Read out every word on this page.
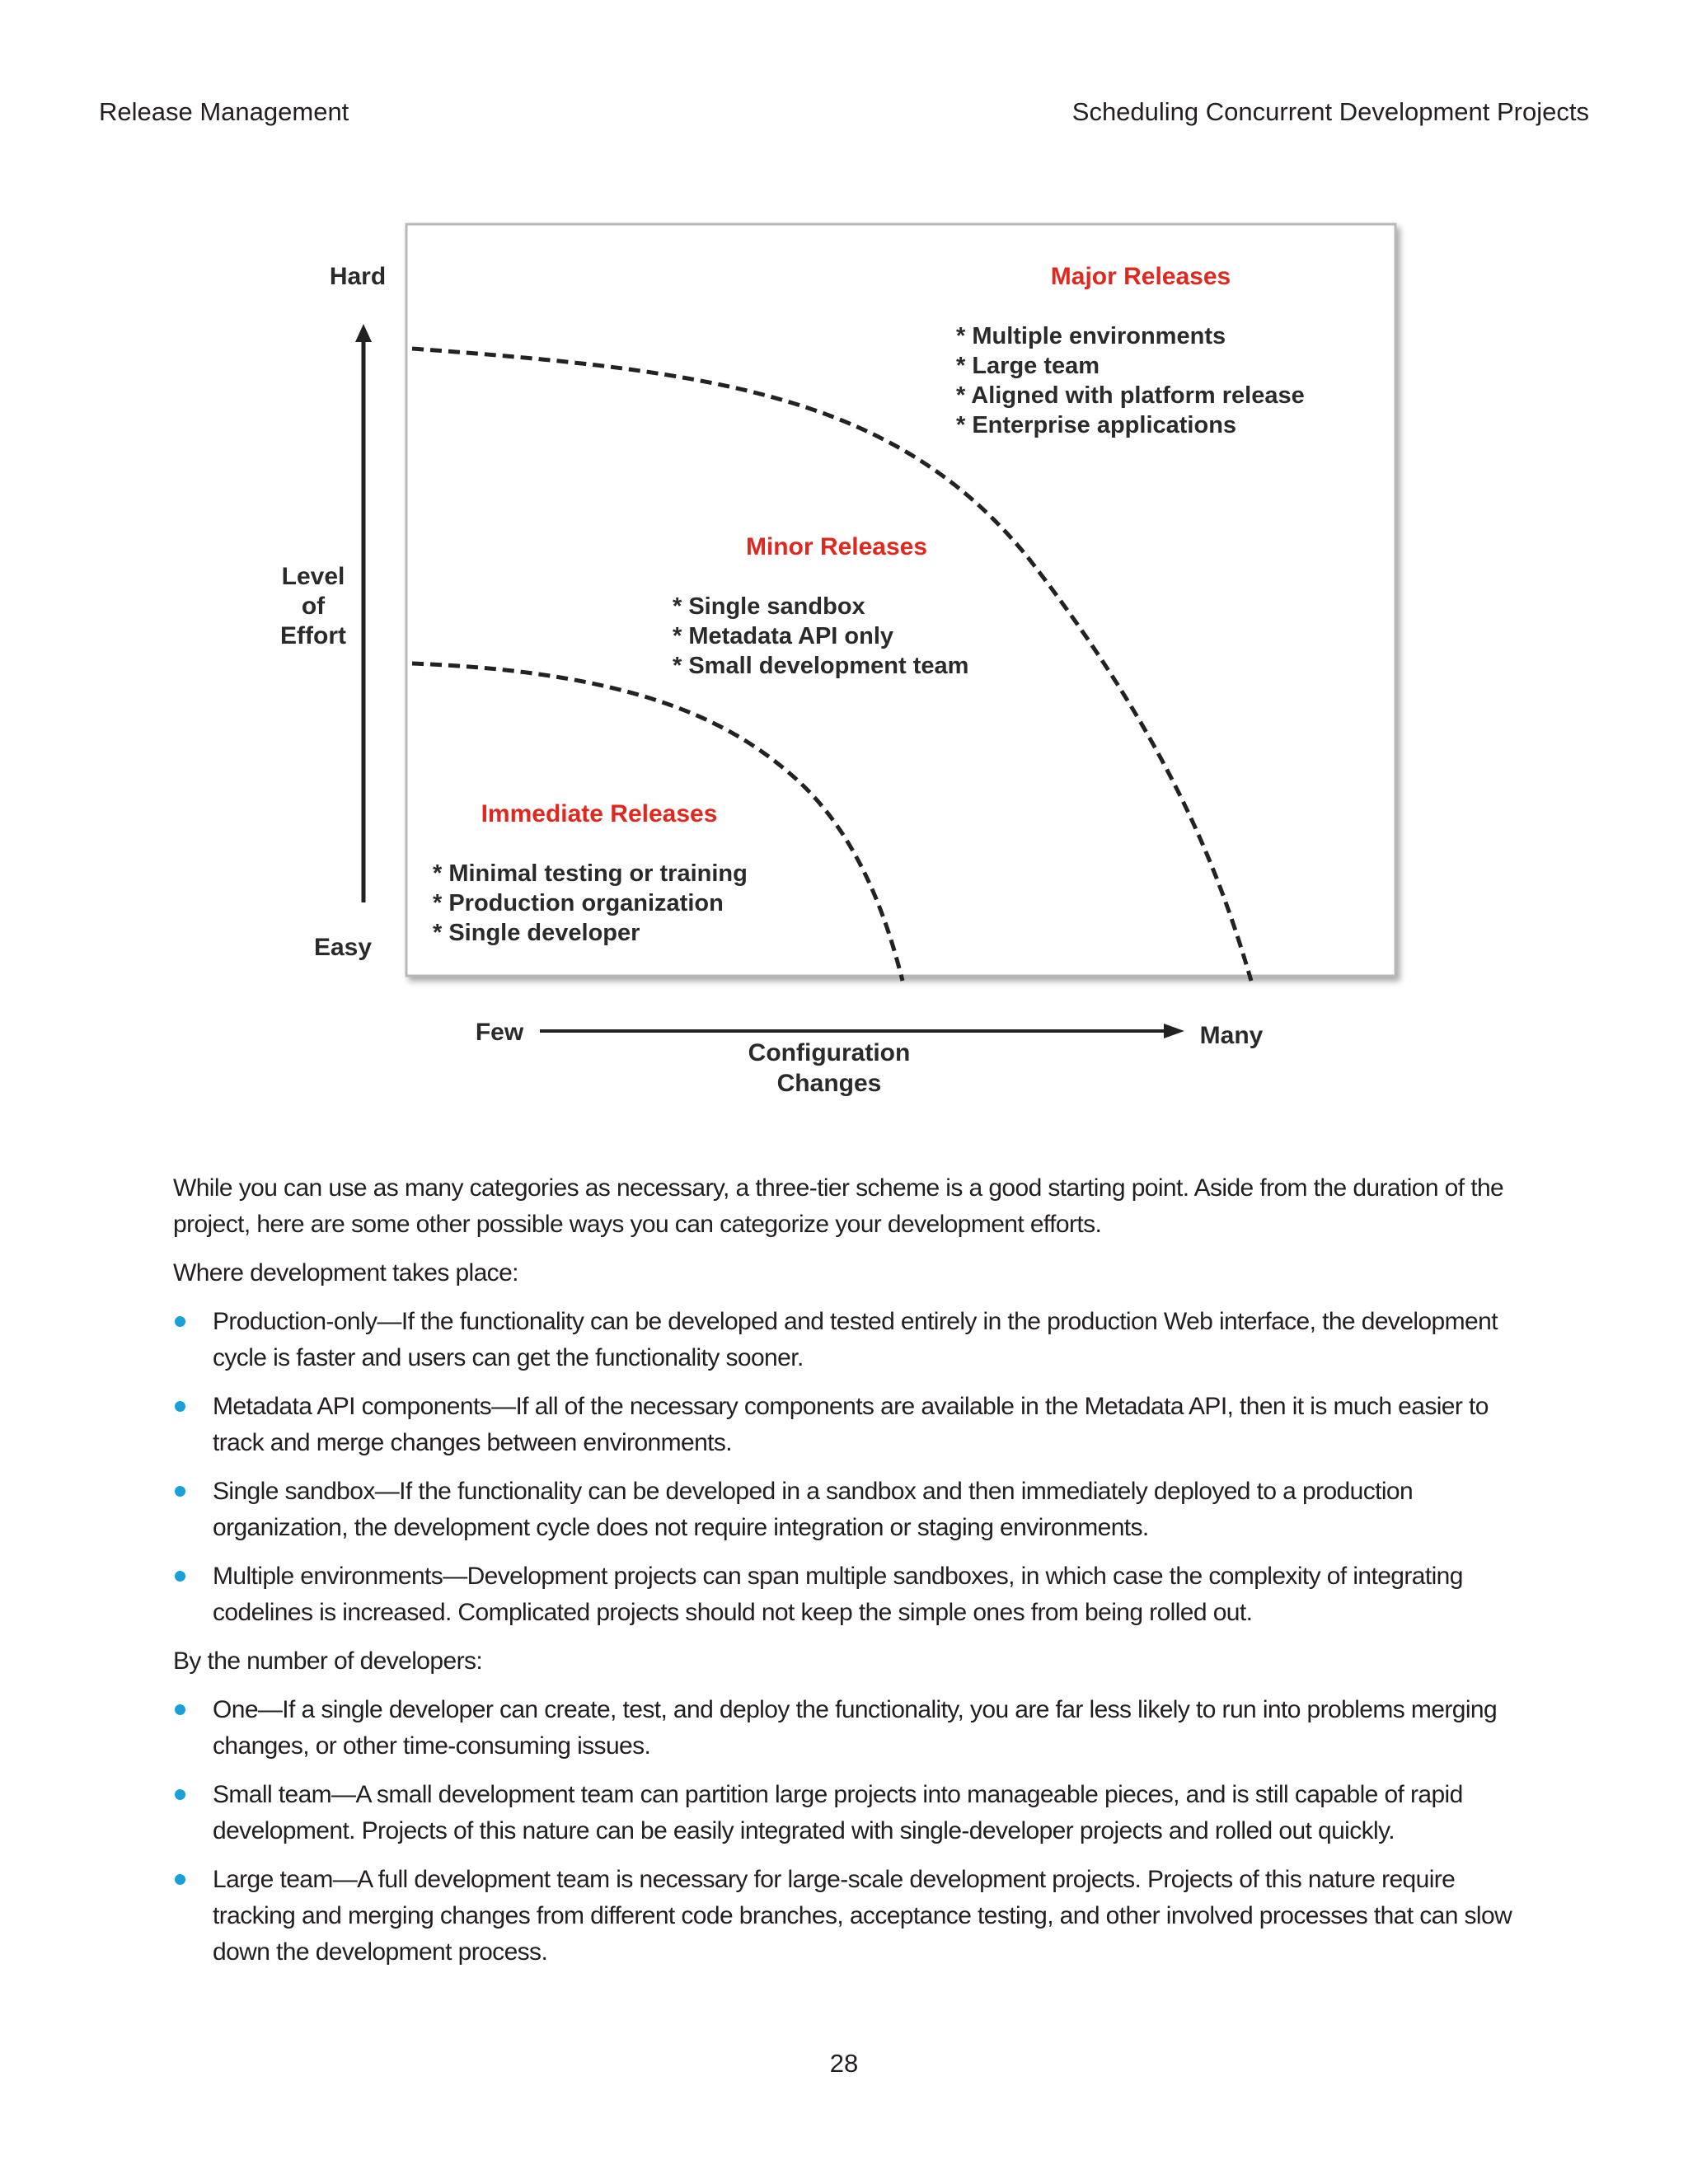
Release Management	Scheduling Concurrent Development Projects
Hard
Level
of
Effort
Easy
Few
Configuration
Changes
Many
Major Releases
* Multiple environments
* Large team
* Aligned with platform release
* Enterprise applications
Minor Releases
* Single sandbox
* Metadata API only
* Small development team
Immediate Releases
* Minimal testing or training
* Production organization
* Single developer

While you can use as many categories as necessary, a three-tier scheme is a good starting point. Aside from the duration of the project, here are some other possible ways you can categorize your development efforts.

Where development takes place:

Production-only—If the functionality can be developed and tested entirely in the production Web interface, the development cycle is faster and users can get the functionality sooner.
Metadata API components—If all of the necessary components are available in the Metadata API, then it is much easier to track and merge changes between environments.
Single sandbox—If the functionality can be developed in a sandbox and then immediately deployed to a production organization, the development cycle does not require integration or staging environments.
Multiple environments—Development projects can span multiple sandboxes, in which case the complexity of integrating codelines is increased. Complicated projects should not keep the simple ones from being rolled out.

By the number of developers:

One—If a single developer can create, test, and deploy the functionality, you are far less likely to run into problems merging changes, or other time-consuming issues.
Small team—A small development team can partition large projects into manageable pieces, and is still capable of rapid development. Projects of this nature can be easily integrated with single-developer projects and rolled out quickly.
Large team—A full development team is necessary for large-scale development projects. Projects of this nature require tracking and merging changes from different code branches, acceptance testing, and other involved processes that can slow down the development process.
28
